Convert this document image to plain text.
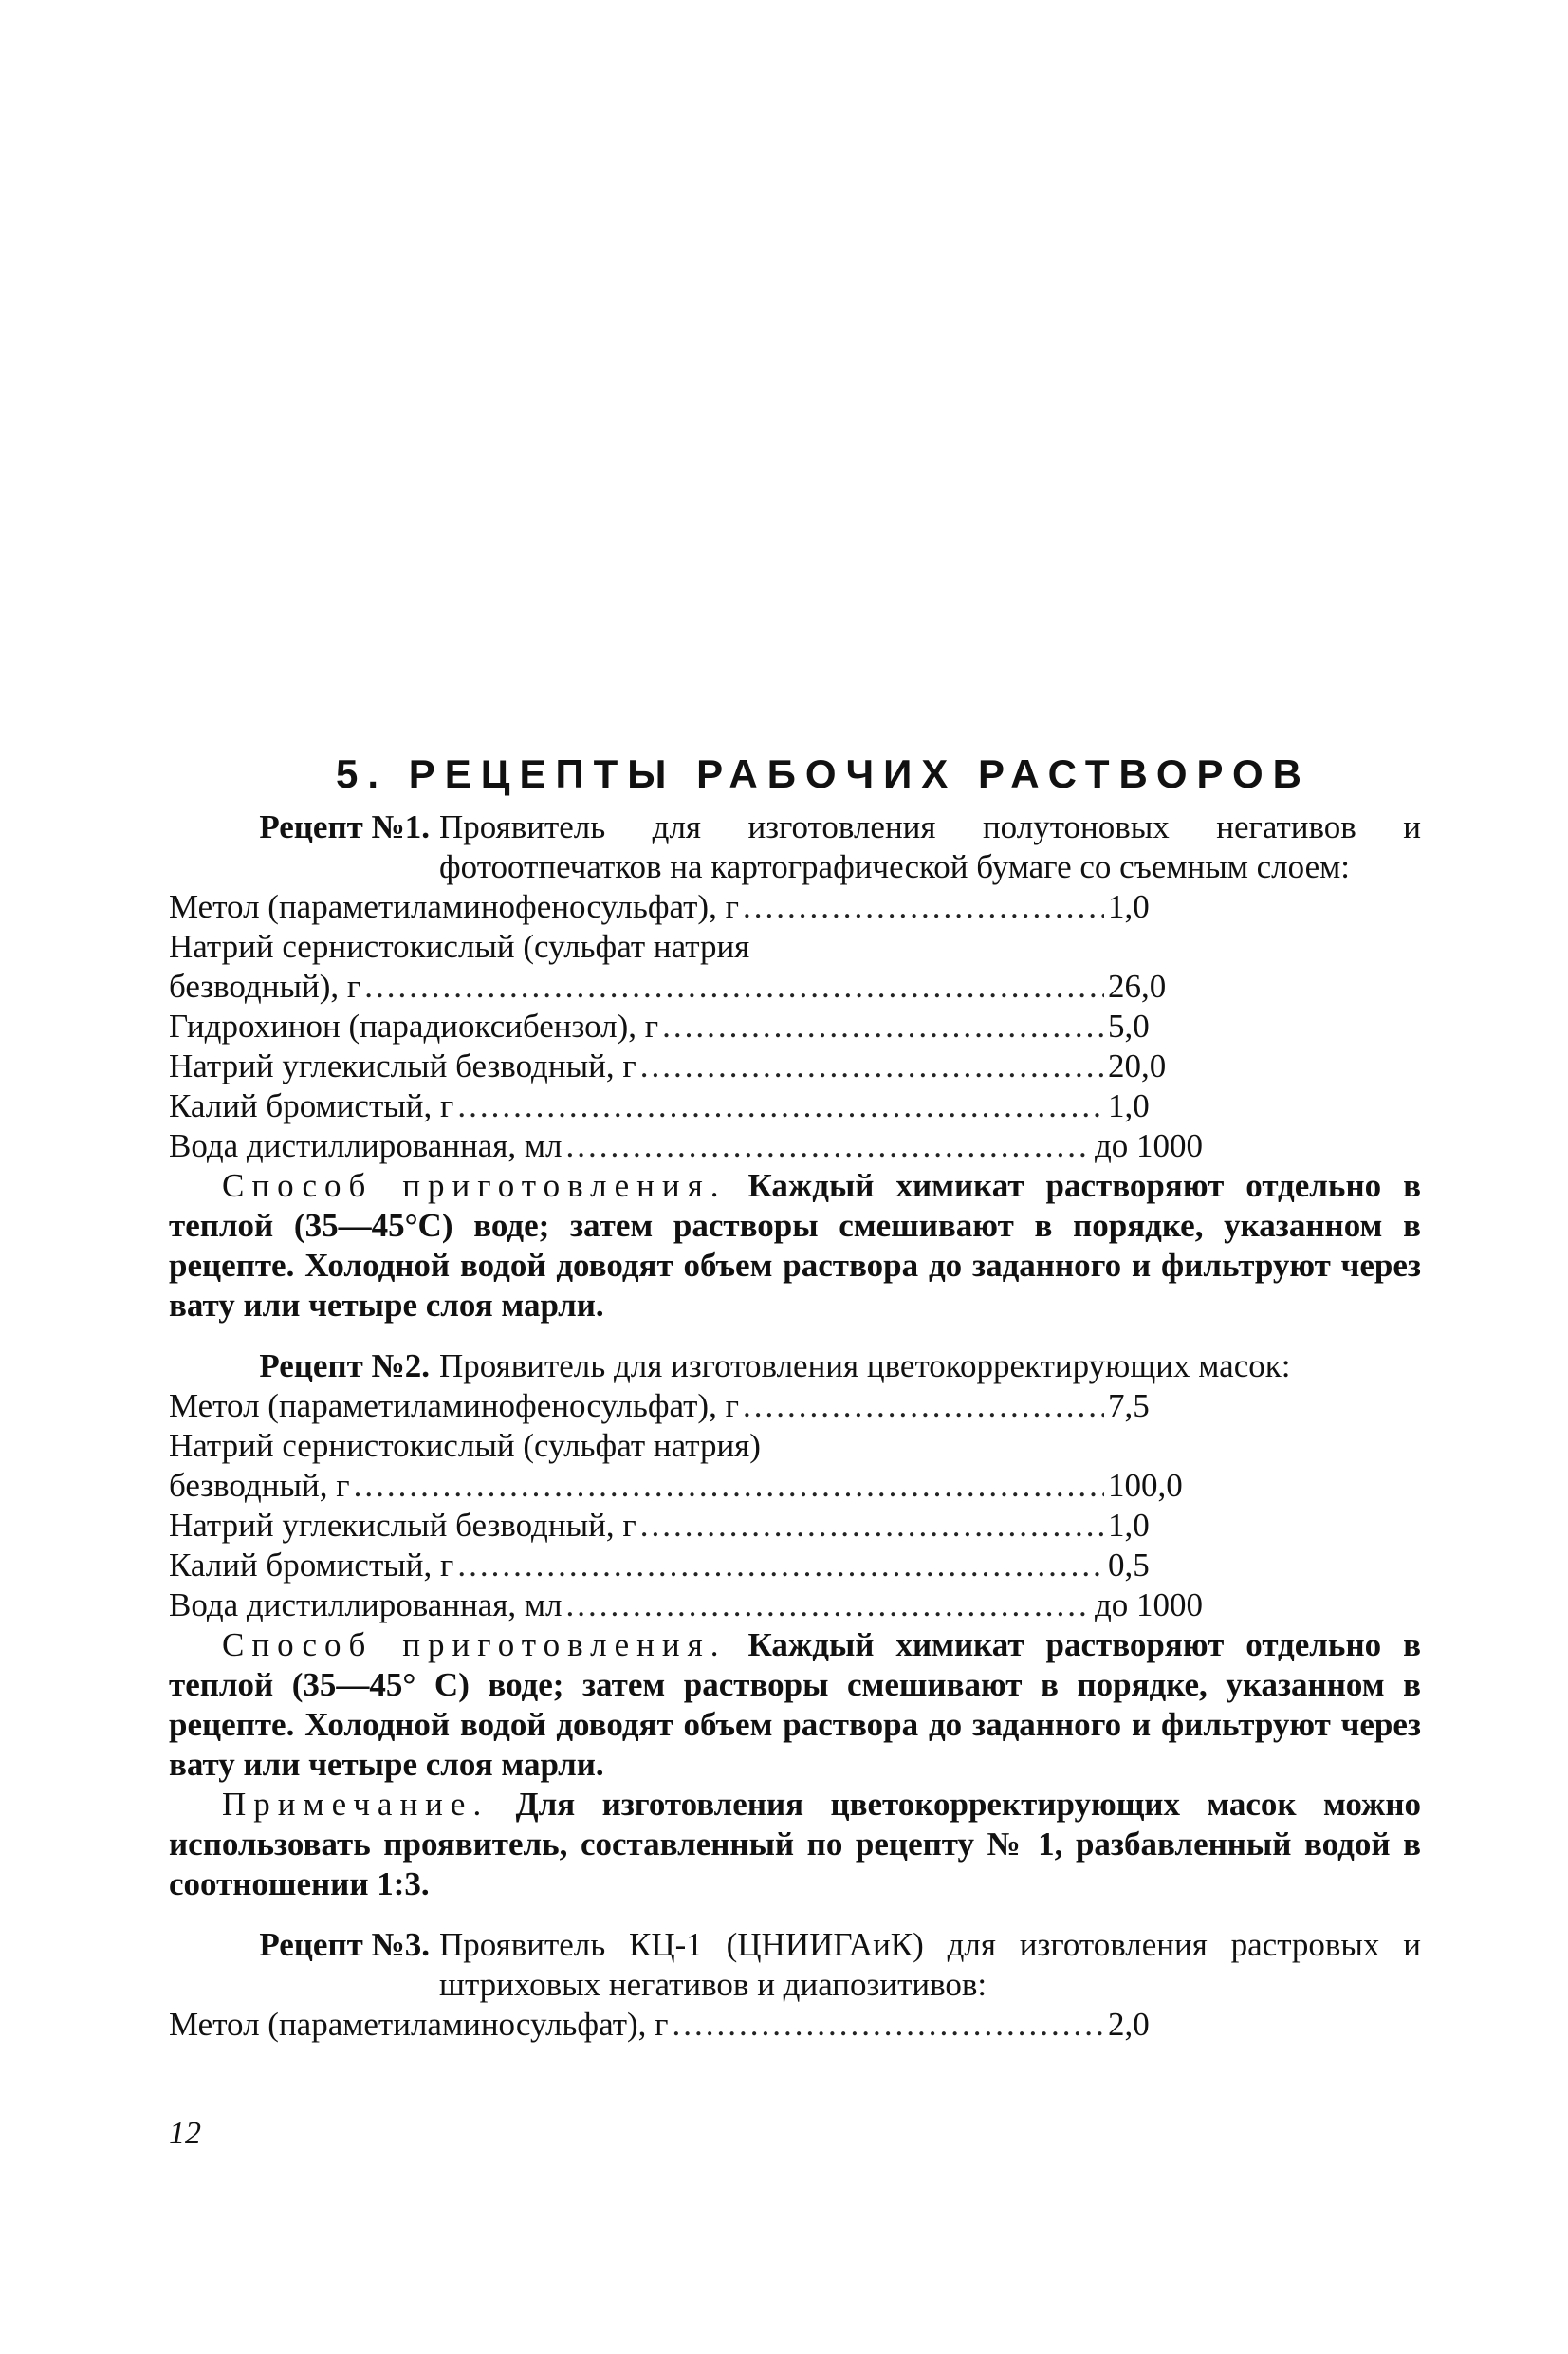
5. РЕЦЕПТЫ РАБОЧИХ РАСТВОРОВ
Рецепт №1. Проявитель для изготовления полутоновых негативов и фотоотпечатков на картографической бумаге со съемным слоем:
Метол (параметиламинофеносульфат), г .....	1,0
Натрий сернистокислый (сульфат натрия
безводный), г .....	26,0
Гидрохинон (парадиоксибензол), г .....	5,0
Натрий углекислый безводный, г .....	20,0
Калий бромистый, г .....	1,0
Вода дистиллированная, мл .....	до 1000

Способ приготовления. Каждый химикат растворяют отдельно в теплой (35—45°С) воде; затем растворы смешивают в порядке, указанном в рецепте. Холодной водой доводят объем раствора до заданного и фильтруют через вату или четыре слоя марли.

Рецепт №2. Проявитель для изготовления цветокорректирующих масок:
Метол (параметиламинофеносульфат), г .....	7,5
Натрий сернистокислый (сульфат натрия)
безводный, г .....	100,0
Натрий углекислый безводный, г .....	1,0
Калий бромистый, г .....	0,5
Вода дистиллированная, мл .....	до 1000

Способ приготовления. Каждый химикат растворяют отдельно в теплой (35—45° С) воде; затем растворы смешивают в порядке, указанном в рецепте. Холодной водой доводят объем раствора до заданного и фильтруют через вату или четыре слоя марли.

Примечание. Для изготовления цветокорректирующих масок можно использовать проявитель, составленный по рецепту № 1, разбавленный водой в соотношении 1:3.

Рецепт №3. Проявитель КЦ-1 (ЦНИИГАиК) для изготовления растровых и штриховых негативов и диапозитивов:
Метол (параметиламиносульфат), г .....	2,0
12
